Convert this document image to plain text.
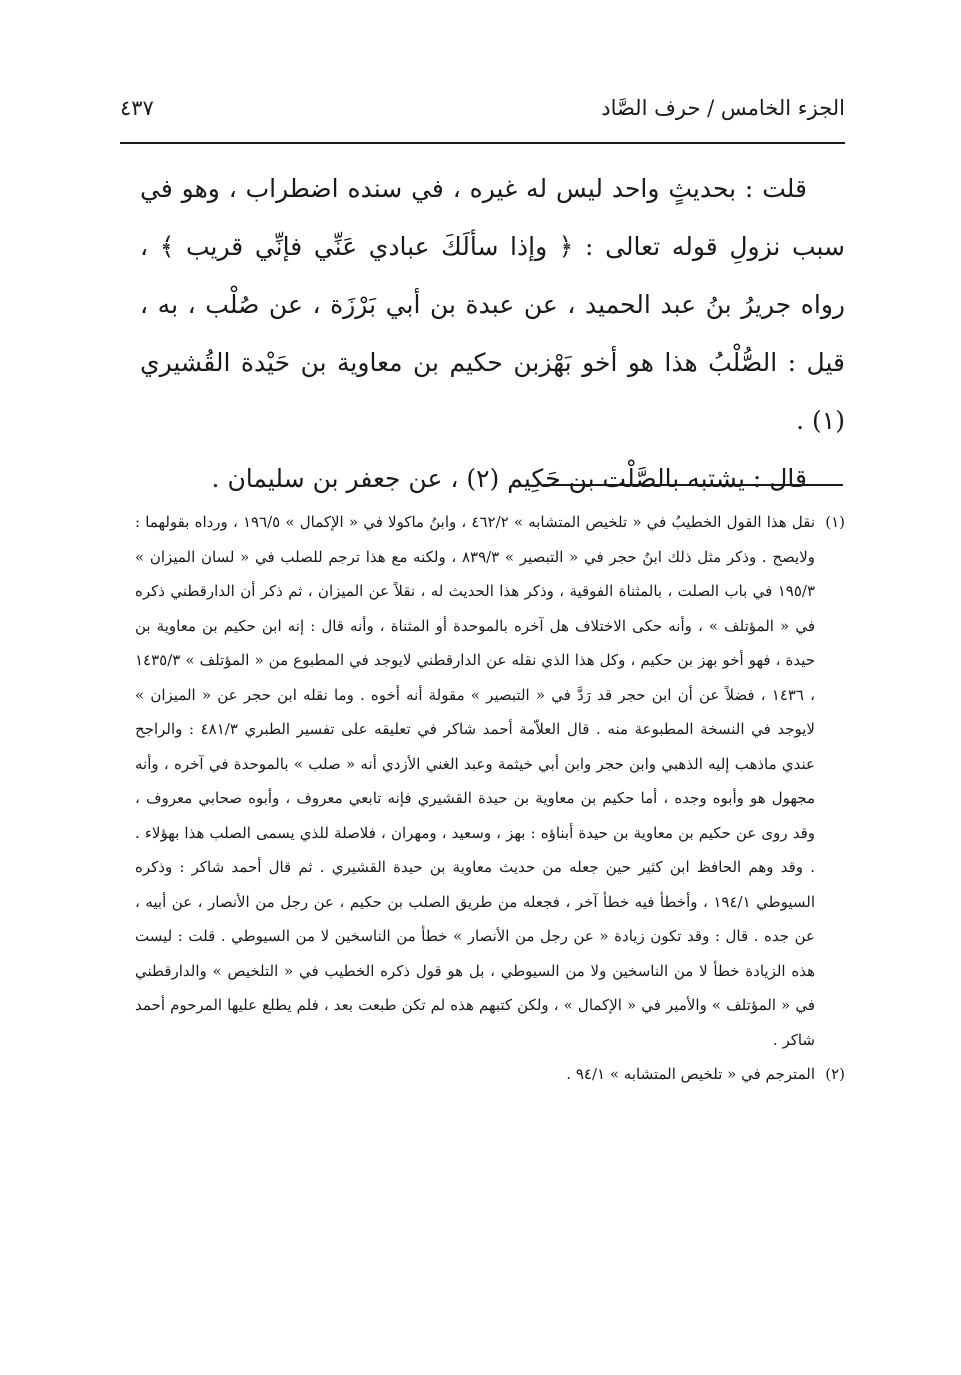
الجزء الخامس / حرف الصَّاد
٤٣٧

قلت : بحديثٍ واحد ليس له غيره ، في سنده اضطراب ، وهو في سبب نزولِ قوله تعالى : ﴿ وإذا سألَكَ عبادي عَنِّي فإنِّي قريب ﴾ ، رواه جريرُ بنُ عبد الحميد ، عن عبدة بن أبي بَرْزَة ، عن صُلْب ، به ، قيل : الصُّلْبُ هذا هو أخو بَهْزبن حكيم بن معاوية بن حَيْدة القُشيري (١) .

قال : يشتبه بالصَّلْت بن حَكِيم (٢) ، عن جعفر بن سليمان .

(١)
نقل هذا القول الخطيبُ في « تلخيص المتشابه » ٤٦٢/٢ ، وابنُ ماكولا في « الإكمال » ١٩٦/٥ ، ورداه بقولهما : ولايصح . وذكر مثل ذلك ابنُ حجر في « التبصير » ٨٣٩/٣ ، ولكنه مع هذا ترجم للصلب في « لسان الميزان » ١٩٥/٣ في باب الصلت ، بالمثناة الفوقية ، وذكر هذا الحديث له ، نقلاً عن الميزان ، ثم ذكر أن الدارقطني ذكره في « المؤتلف » ، وأنه حكى الاختلاف هل آخره بالموحدة أو المثناة ، وأنه قال : إنه ابن حكيم بن معاوية بن حيدة ، فهو أخو بهز بن حكيم ، وكل هذا الذي نقله عن الدارقطني لايوجد في المطبوع من « المؤتلف » ١٤٣٥/٣ ، ١٤٣٦ ، فضلاً عن أن ابن حجر قد رَدَّ في « التبصير » مقولة أنه أخوه . وما نقله ابن حجر عن « الميزان » لايوجد في النسخة المطبوعة منه . قال العلاّمة أحمد شاكر في تعليقه على تفسير الطبري ٤٨١/٣ : والراجح عندي ماذهب إليه الذهبي وابن حجر وابن أبي خيثمة وعبد الغني الأزدي أنه « صلب » بالموحدة في آخره ، وأنه مجهول هو وأبوه وجده ، أما حكيم بن معاوية بن حيدة القشيري فإنه تابعي معروف ، وأبوه صحابي معروف ، وقد روى عن حكيم بن معاوية بن حيدة أبناؤه : بهز ، وسعيد ، ومهران ، فلاصلة للذي يسمى الصلب هذا بهؤلاء . . وقد وهم الحافظ ابن كثير حين جعله من حديث معاوية بن حيدة القشيري . ثم قال أحمد شاكر : وذكره السيوطي ١٩٤/١ ، وأخطأ فيه خطأ آخر ، فجعله من طريق الصلب بن حكيم ، عن رجل من الأنصار ، عن أبيه ، عن جده . قال : وقد تكون زيادة « عن رجل من الأنصار » خطأ من الناسخين لا من السيوطي . قلت : ليست هذه الزيادة خطأ لا من الناسخين ولا من السيوطي ، بل هو قول ذكره الخطيب في « التلخيص » والدارقطني في « المؤتلف » والأمير في « الإكمال » ، ولكن كتبهم هذه لم تكن طبعت بعد ، فلم يطلع عليها المرحوم أحمد شاكر .

(٢)
المترجم في « تلخيص المتشابه » ٩٤/١ .
